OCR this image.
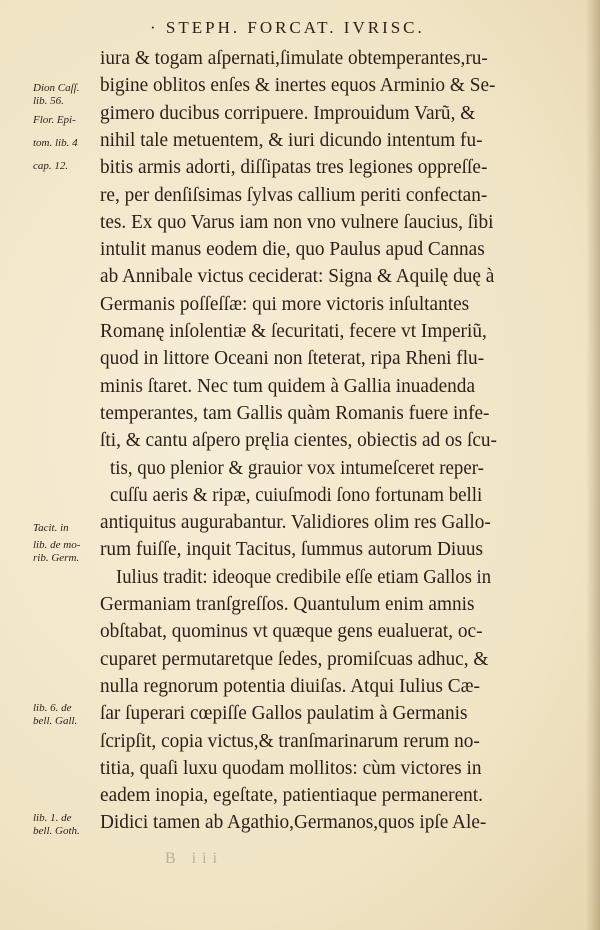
· STEPH. FORCAT. IVRISC.
iura & togam aſpernati,ſimulate obtemperantes,ru-
bigine oblitos enſes & inertes equos Arminio & Se-
gimero ducibus corripuere. Improuidum Varũ, &
nihil tale metuentem, & iuri dicundo intentum fu-
bitis armis adorti, diſſipatas tres legiones oppreſſe-
re, per denſiſsimas ſylvas callium periti confectan-
tes. Ex quo Varus iam non vno vulnere ſaucius, ſibi
intulit manus eodem die, quo Paulus apud Cannas
ab Annibale victus ceciderat: Signa & Aquilę duę à
Germanis poſſeſſæ: qui more victoris inſultantes
Romanę inſolentiæ & ſecuritati, fecere vt Imperiũ,
quod in littore Oceani non ſteterat, ripa Rheni flu-
minis ſtaret. Nec tum quidem à Gallia inuadenda
temperantes, tam Gallis quàm Romanis fuere infe-
ſti, & cantu aſpero pręlia cientes, obiectis ad os ſcu-
tis, quo plenior & grauior vox intumeſceret reper-
cuſſu aeris & ripæ, cuiuſmodi ſono fortunam belli
antiquitus augurabantur. Validiores olim res Gallo-
rum fuiſſe, inquit Tacitus, ſummus autorum Diuus
Iulius tradit: ideoque credibile eſſe etiam Gallos in
Germaniam tranſgreſſos. Quantulum enim amnis
obſtabat, quominus vt quæque gens eualuerat, oc-
cuparet permutaretque ſedes, promiſcuas adhuc, &
nulla regnorum potentia diuiſas. Atqui Iulius Cæ-
ſar ſuperari cœpiſſe Gallos paulatim à Germanis
ſcripſit, copia victus,& tranſmarinarum rerum no-
titia, quaſi luxu quodam mollitos: cùm victores in
eadem inopia, egeſtate, patientiaque permanerent.
Didici tamen ab Agathio,Germanos,quos ipſe Ale-
Dion Caſſ.
lib. 56.
Flor. Epi-
tom. lib. 4
cap. 12.
Tacit. in
lib. de mo-
rib. Germ.
lib. 6. de
bell. Gall.
lib. 1. de
bell. Goth.
B iii
